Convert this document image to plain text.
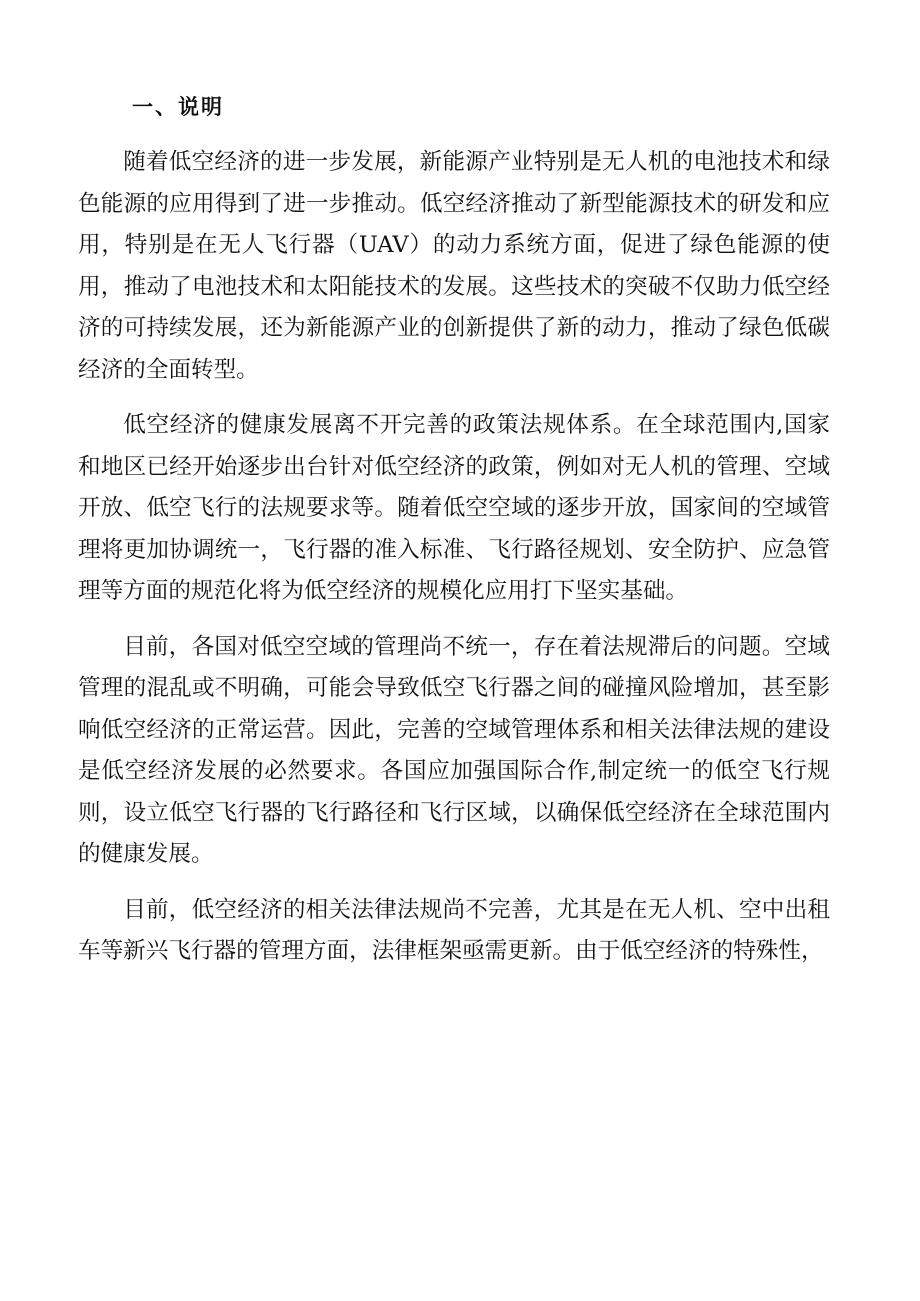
一、说明

随着低空经济的进一步发展，新能源产业特别是无人机的电池技术和绿色能源的应用得到了进一步推动。低空经济推动了新型能源技术的研发和应用，特别是在无人飞行器（UAV）的动力系统方面，促进了绿色能源的使用，推动了电池技术和太阳能技术的发展。这些技术的突破不仅助力低空经济的可持续发展，还为新能源产业的创新提供了新的动力，推动了绿色低碳经济的全面转型。

低空经济的健康发展离不开完善的政策法规体系。在全球范围内,国家和地区已经开始逐步出台针对低空经济的政策，例如对无人机的管理、空域开放、低空飞行的法规要求等。随着低空空域的逐步开放，国家间的空域管理将更加协调统一，飞行器的准入标准、飞行路径规划、安全防护、应急管理等方面的规范化将为低空经济的规模化应用打下坚实基础。

目前，各国对低空空域的管理尚不统一，存在着法规滞后的问题。空域管理的混乱或不明确，可能会导致低空飞行器之间的碰撞风险增加，甚至影响低空经济的正常运营。因此，完善的空域管理体系和相关法律法规的建设是低空经济发展的必然要求。各国应加强国际合作,制定统一的低空飞行规则，设立低空飞行器的飞行路径和飞行区域，以确保低空经济在全球范围内的健康发展。

目前，低空经济的相关法律法规尚不完善，尤其是在无人机、空中出租车等新兴飞行器的管理方面，法律框架亟需更新。由于低空经济的特殊性，
